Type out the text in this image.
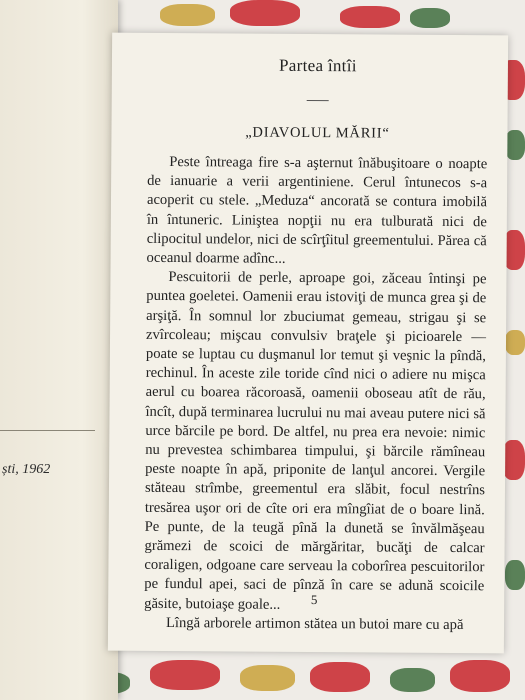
ști, 1962
Partea întîi
„DIAVOLUL MĂRII“

Peste întreaga fire s-a aşternut înăbuşitoare o noapte de ianuarie a verii argentiniene. Cerul întunecos s-a acoperit cu stele. „Meduza“ ancorată se contura imobilă în întuneric. Liniştea nopţii nu era tulburată nici de clipocitul undelor, nici de scîrţîitul greementului. Părea că oceanul doarme adînc...

Pescuitorii de perle, aproape goi, zăceau întinşi pe puntea goeletei. Oamenii erau istoviţi de munca grea şi de arşiţă. În somnul lor zbuciumat gemeau, strigau şi se zvîrcoleau; mişcau convulsiv braţele şi picioarele — poate se luptau cu duşmanul lor temut şi veşnic la pîndă, rechinul. În aceste zile toride cînd nici o adiere nu mişca aerul cu boarea răcoroasă, oamenii oboseau atît de rău, încît, după terminarea lucrului nu mai aveau putere nici să urce bărcile pe bord. De altfel, nu prea era nevoie: nimic nu prevestea schimbarea timpului, şi bărcile rămîneau peste noapte în apă, priponite de lanţul ancorei. Vergile stăteau strîmbe, greementul era slăbit, focul nestrîns tresărea uşor ori de cîte ori era mîngîiat de o boare lină. Pe punte, de la teugă pînă la dunetă se învălmăşeau grămezi de scoici de mărgăritar, bucăţi de calcar coraligen, odgoane care serveau la coborîrea pescuitorilor pe fundul apei, saci de pînză în care se adună scoicile găsite, butoiaşe goale...

Lîngă arborele artimon stătea un butoi mare cu apă

5
